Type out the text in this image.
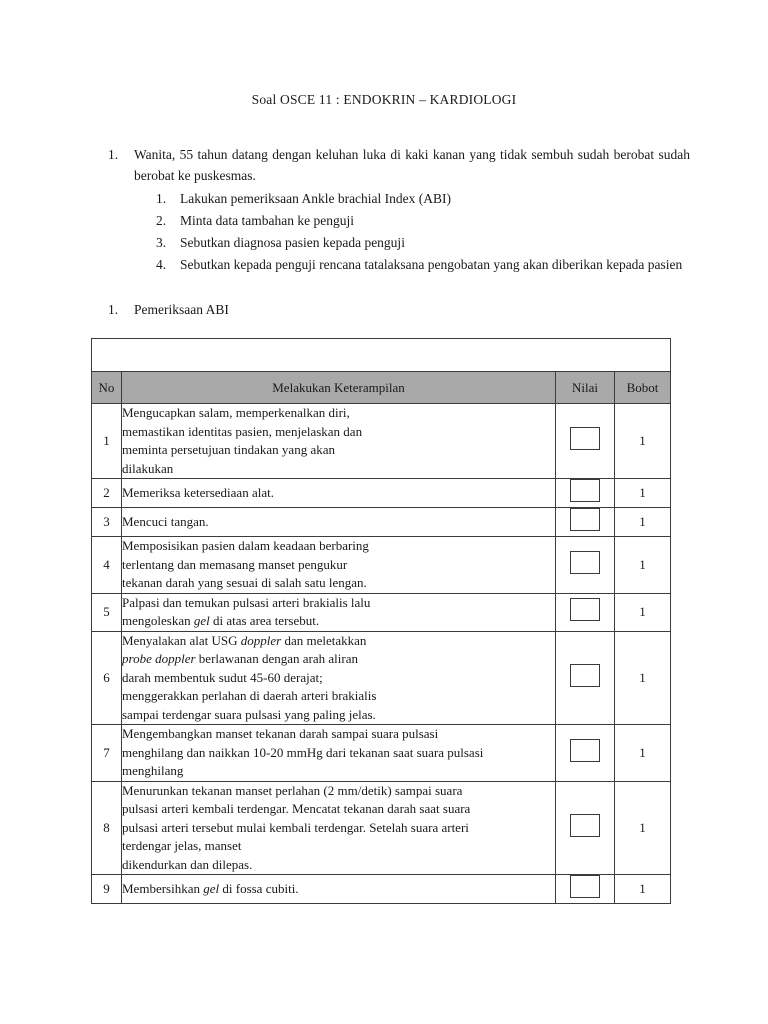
Soal OSCE 11 : ENDOKRIN – KARDIOLOGI
1.	Wanita, 55 tahun datang dengan keluhan luka di kaki kanan yang tidak sembuh sudah berobat sudah berobat ke puskesmas.

1.	Lakukan pemeriksaan Ankle brachial Index (ABI)
2.	Minta data tambahan ke penguji
3.	Sebutkan diagnosa pasien kepada penguji
4.	Sebutkan kepada penguji rencana tatalaksana pengobatan yang akan diberikan kepada pasien
1.	Pemeriksaan ABI

No	Melakukan Keterampilan	Nilai	Bobot
1	Mengucapkan salam, memperkenalkan diri,
memastikan identitas pasien, menjelaskan dan
meminta persetujuan tindakan yang akan
dilakukan		1
2	Memeriksa ketersediaan alat.		1
3	Mencuci tangan.		1
4	Memposisikan pasien dalam keadaan berbaring
terlentang dan memasang manset pengukur
tekanan darah yang sesuai di salah satu lengan.		1
5	Palpasi dan temukan pulsasi arteri brakialis lalu
mengoleskan gel di atas area tersebut.		1
6	Menyalakan alat USG doppler dan meletakkan
probe doppler berlawanan dengan arah aliran
darah membentuk sudut 45-60 derajat;
menggerakkan perlahan di daerah arteri brakialis
sampai terdengar suara pulsasi yang paling jelas.		1
7	Mengembangkan manset tekanan darah sampai suara pulsasi
menghilang dan naikkan 10-20 mmHg dari tekanan saat suara pulsasi
menghilang		1
8	Menurunkan tekanan manset perlahan (2 mm/detik) sampai suara
pulsasi arteri kembali terdengar. Mencatat tekanan darah saat suara
pulsasi arteri tersebut mulai kembali terdengar. Setelah suara arteri
terdengar jelas, manset
dikendurkan dan dilepas.		1
9	Membersihkan gel di fossa cubiti.		1
